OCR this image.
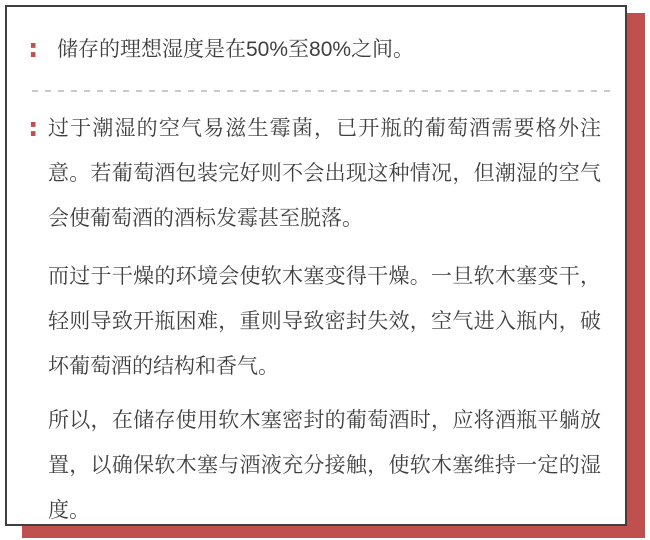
: 储存的理想湿度是在50%至80%之间。
: 过于潮湿的空气易滋生霉菌，已开瓶的葡萄酒需要格外注意。若葡萄酒包装完好则不会出现这种情况，但潮湿的空气会使葡萄酒的酒标发霉甚至脱落。
而过于干燥的环境会使软木塞变得干燥。一旦软木塞变干，轻则导致开瓶困难，重则导致密封失效，空气进入瓶内，破坏葡萄酒的结构和香气。
所以，在储存使用软木塞密封的葡萄酒时，应将酒瓶平躺放置，以确保软木塞与酒液充分接触，使软木塞维持一定的湿度。
